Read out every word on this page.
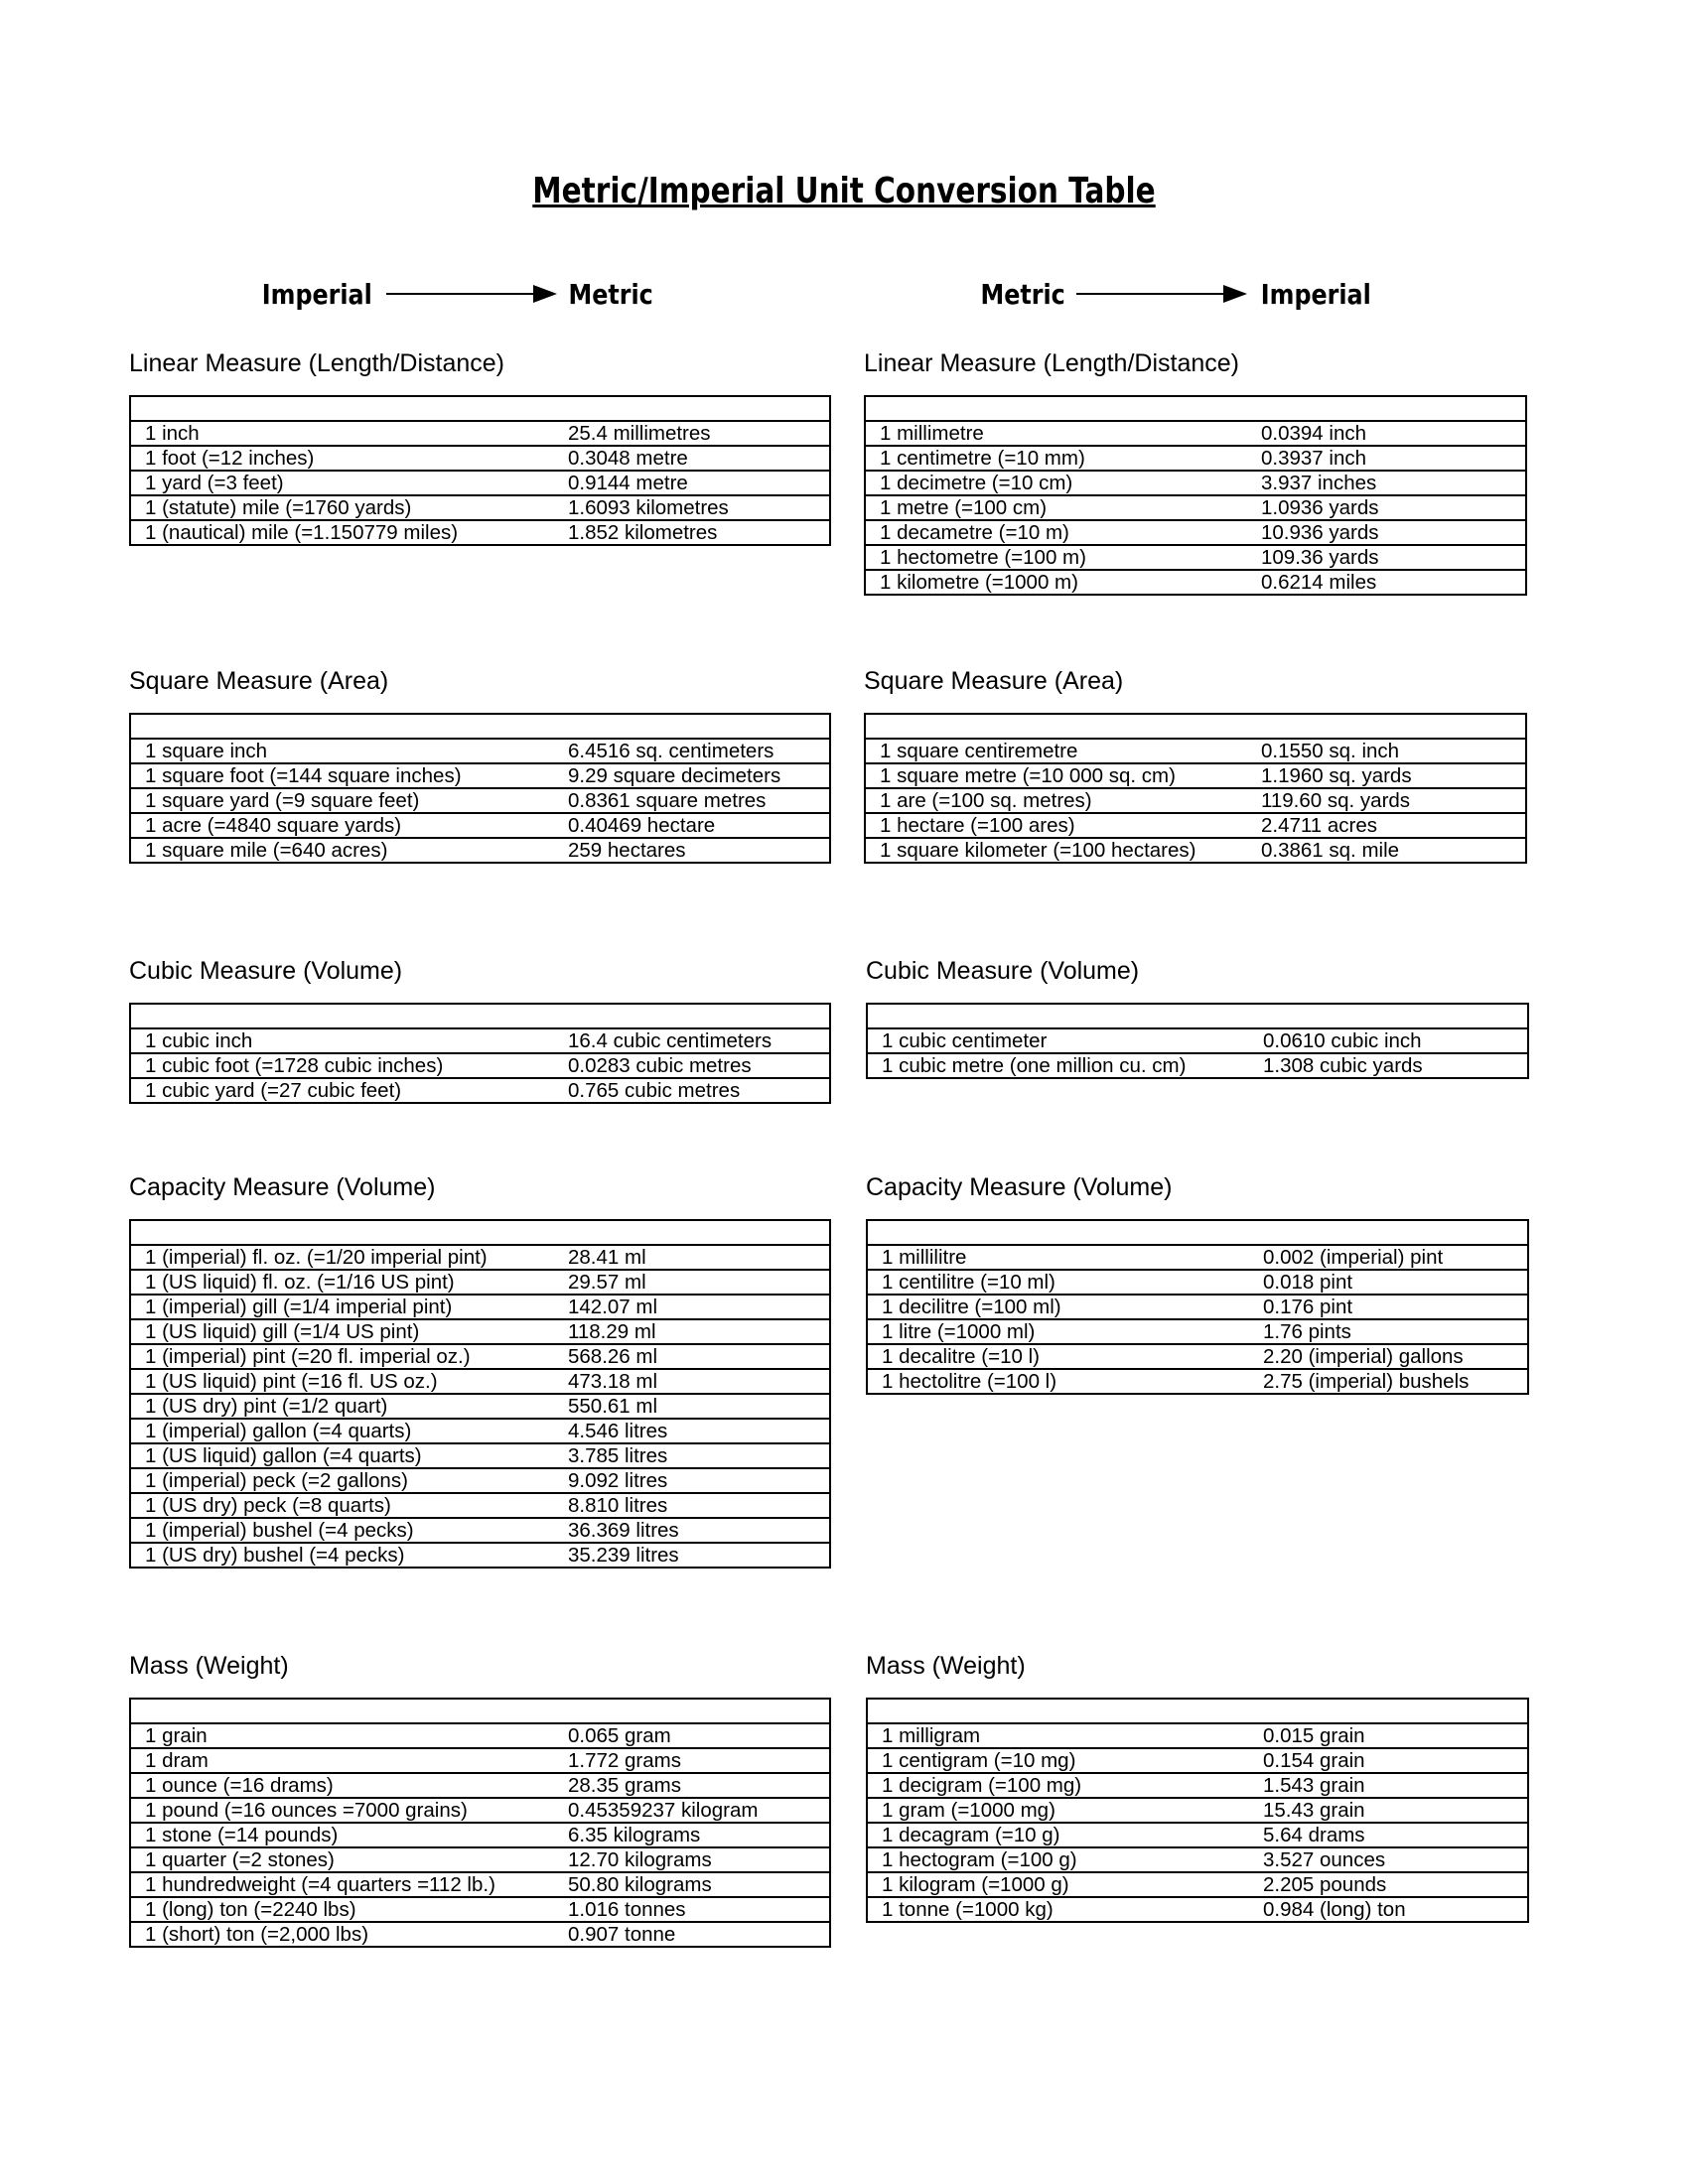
Metric/Imperial Unit Conversion Table
Imperial	Metric	Metric	Imperial
Linear Measure (Length/Distance)

1 inch	25.4 millimetres
1 foot (=12 inches)	0.3048 metre
1 yard (=3 feet)	0.9144 metre
1 (statute) mile (=1760 yards)	1.6093 kilometres
1 (nautical) mile (=1.150779 miles)	1.852 kilometres
Square Measure (Area)

1 square inch	6.4516 sq. centimeters
1 square foot (=144 square inches)	9.29 square decimeters
1 square yard (=9 square feet)	0.8361 square metres
1 acre (=4840 square yards)	0.40469 hectare
1 square mile (=640 acres)	259 hectares
Cubic Measure (Volume)

1 cubic inch	16.4 cubic centimeters
1 cubic foot (=1728 cubic inches)	0.0283 cubic metres
1 cubic yard (=27 cubic feet)	0.765 cubic metres
Capacity Measure (Volume)

1 (imperial) fl. oz. (=1/20 imperial pint)	28.41 ml
1 (US liquid) fl. oz. (=1/16 US pint)	29.57 ml
1 (imperial) gill (=1/4 imperial pint)	142.07 ml
1 (US liquid) gill (=1/4 US pint)	118.29 ml
1 (imperial) pint (=20 fl. imperial oz.)	568.26 ml
1 (US liquid) pint (=16 fl. US oz.)	473.18 ml
1 (US dry) pint (=1/2 quart)	550.61 ml
1 (imperial) gallon (=4 quarts)	4.546 litres
1 (US liquid) gallon (=4 quarts)	3.785 litres
1 (imperial) peck (=2 gallons)	9.092 litres
1 (US dry) peck (=8 quarts)	8.810 litres
1 (imperial) bushel (=4 pecks)	36.369 litres
1 (US dry) bushel (=4 pecks)	35.239 litres
Mass (Weight)

1 grain	0.065 gram
1 dram	1.772 grams
1 ounce (=16 drams)	28.35 grams
1 pound (=16 ounces =7000 grains)	0.45359237 kilogram
1 stone (=14 pounds)	6.35 kilograms
1 quarter (=2 stones)	12.70 kilograms
1 hundredweight (=4 quarters =112 lb.)	50.80 kilograms
1 (long) ton (=2240 lbs)	1.016 tonnes
1 (short) ton (=2,000 lbs)	0.907 tonne
Linear Measure (Length/Distance)

1 millimetre	0.0394 inch
1 centimetre (=10 mm)	0.3937 inch
1 decimetre (=10 cm)	3.937 inches
1 metre (=100 cm)	1.0936 yards
1 decametre (=10 m)	10.936 yards
1 hectometre (=100 m)	109.36 yards
1 kilometre (=1000 m)	0.6214 miles
Square Measure (Area)

1 square centiremetre	0.1550 sq. inch
1 square metre (=10 000 sq. cm)	1.1960 sq. yards
1 are (=100 sq. metres)	119.60 sq. yards
1 hectare (=100 ares)	2.4711 acres
1 square kilometer (=100 hectares)	0.3861 sq. mile
Cubic Measure (Volume)

1 cubic centimeter	0.0610 cubic inch
1 cubic metre (one million cu. cm)	1.308 cubic yards
Capacity Measure (Volume)

1 millilitre	0.002 (imperial) pint
1 centilitre (=10 ml)	0.018 pint
1 decilitre (=100 ml)	0.176 pint
1 litre (=1000 ml)	1.76 pints
1 decalitre (=10 l)	2.20 (imperial) gallons
1 hectolitre (=100 l)	2.75 (imperial) bushels
Mass (Weight)

1 milligram	0.015 grain
1 centigram (=10 mg)	0.154 grain
1 decigram (=100 mg)	1.543 grain
1 gram (=1000 mg)	15.43 grain
1 decagram (=10 g)	5.64 drams
1 hectogram (=100 g)	3.527 ounces
1 kilogram (=1000 g)	2.205 pounds
1 tonne (=1000 kg)	0.984 (long) ton
